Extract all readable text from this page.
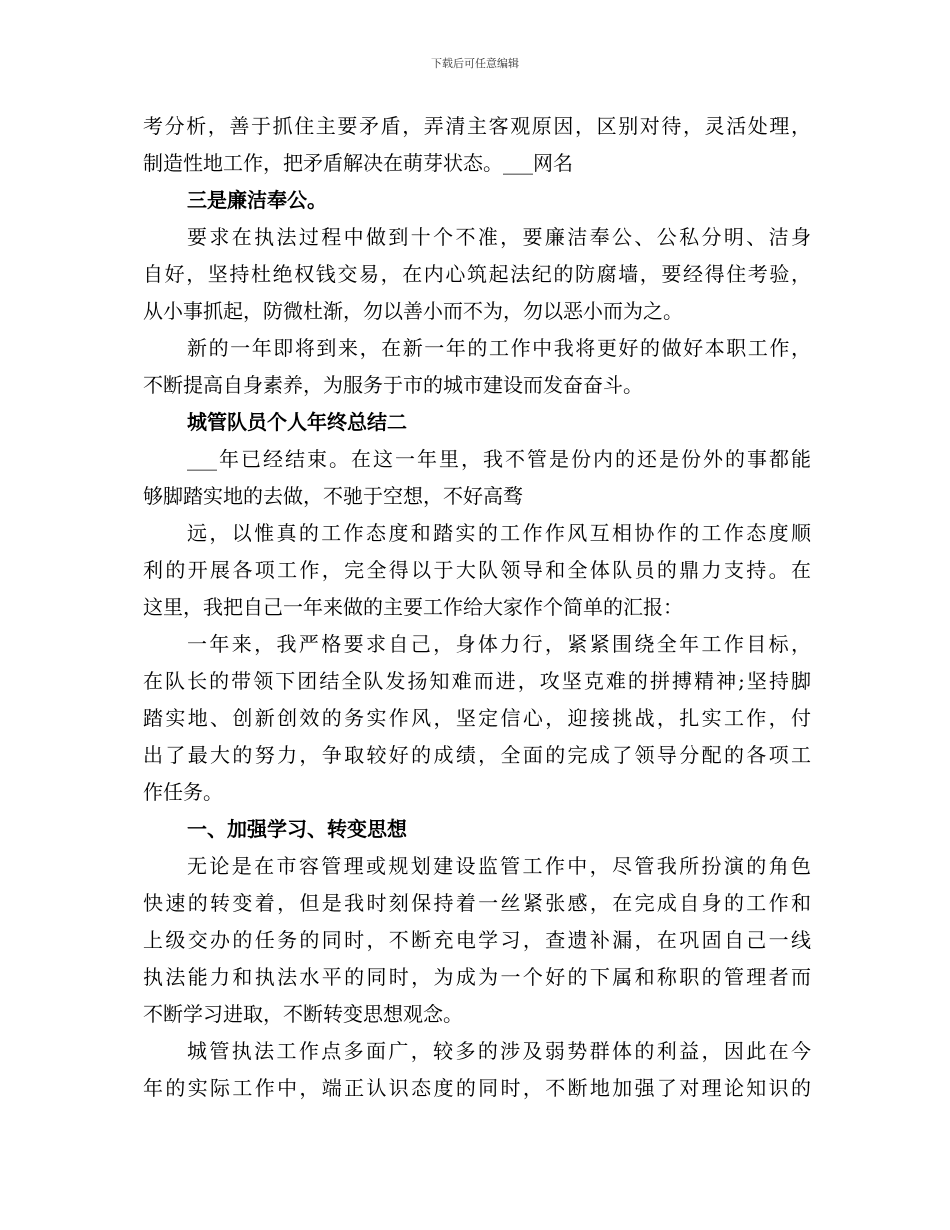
下载后可任意编辑
考分析，善于抓住主要矛盾，弄清主客观原因，区别对待，灵活处理，
制造性地工作，把矛盾解决在萌芽状态。___网名
三是廉洁奉公。
要求在执法过程中做到十个不准，要廉洁奉公、公私分明、洁身
自好，坚持杜绝权钱交易，在内心筑起法纪的防腐墙，要经得住考验，
从小事抓起，防微杜渐，勿以善小而不为，勿以恶小而为之。
新的一年即将到来，在新一年的工作中我将更好的做好本职工作，
不断提高自身素养，为服务于市的城市建设而发奋奋斗。
城管队员个人年终总结二
___年已经结束。在这一年里，我不管是份内的还是份外的事都能
够脚踏实地的去做，不驰于空想，不好高骛
远，以惟真的工作态度和踏实的工作作风互相协作的工作态度顺
利的开展各项工作，完全得以于大队领导和全体队员的鼎力支持。在
这里，我把自己一年来做的主要工作给大家作个简单的汇报：
一年来，我严格要求自己，身体力行，紧紧围绕全年工作目标，
在队长的带领下团结全队发扬知难而进，攻坚克难的拼搏精神;坚持脚
踏实地、创新创效的务实作风，坚定信心，迎接挑战，扎实工作，付
出了最大的努力，争取较好的成绩，全面的完成了领导分配的各项工
作任务。
一、加强学习、转变思想
无论是在市容管理或规划建设监管工作中，尽管我所扮演的角色
快速的转变着，但是我时刻保持着一丝紧张感，在完成自身的工作和
上级交办的任务的同时，不断充电学习，查遗补漏，在巩固自己一线
执法能力和执法水平的同时，为成为一个好的下属和称职的管理者而
不断学习进取，不断转变思想观念。
城管执法工作点多面广，较多的涉及弱势群体的利益，因此在今
年的实际工作中，端正认识态度的同时，不断地加强了对理论知识的
